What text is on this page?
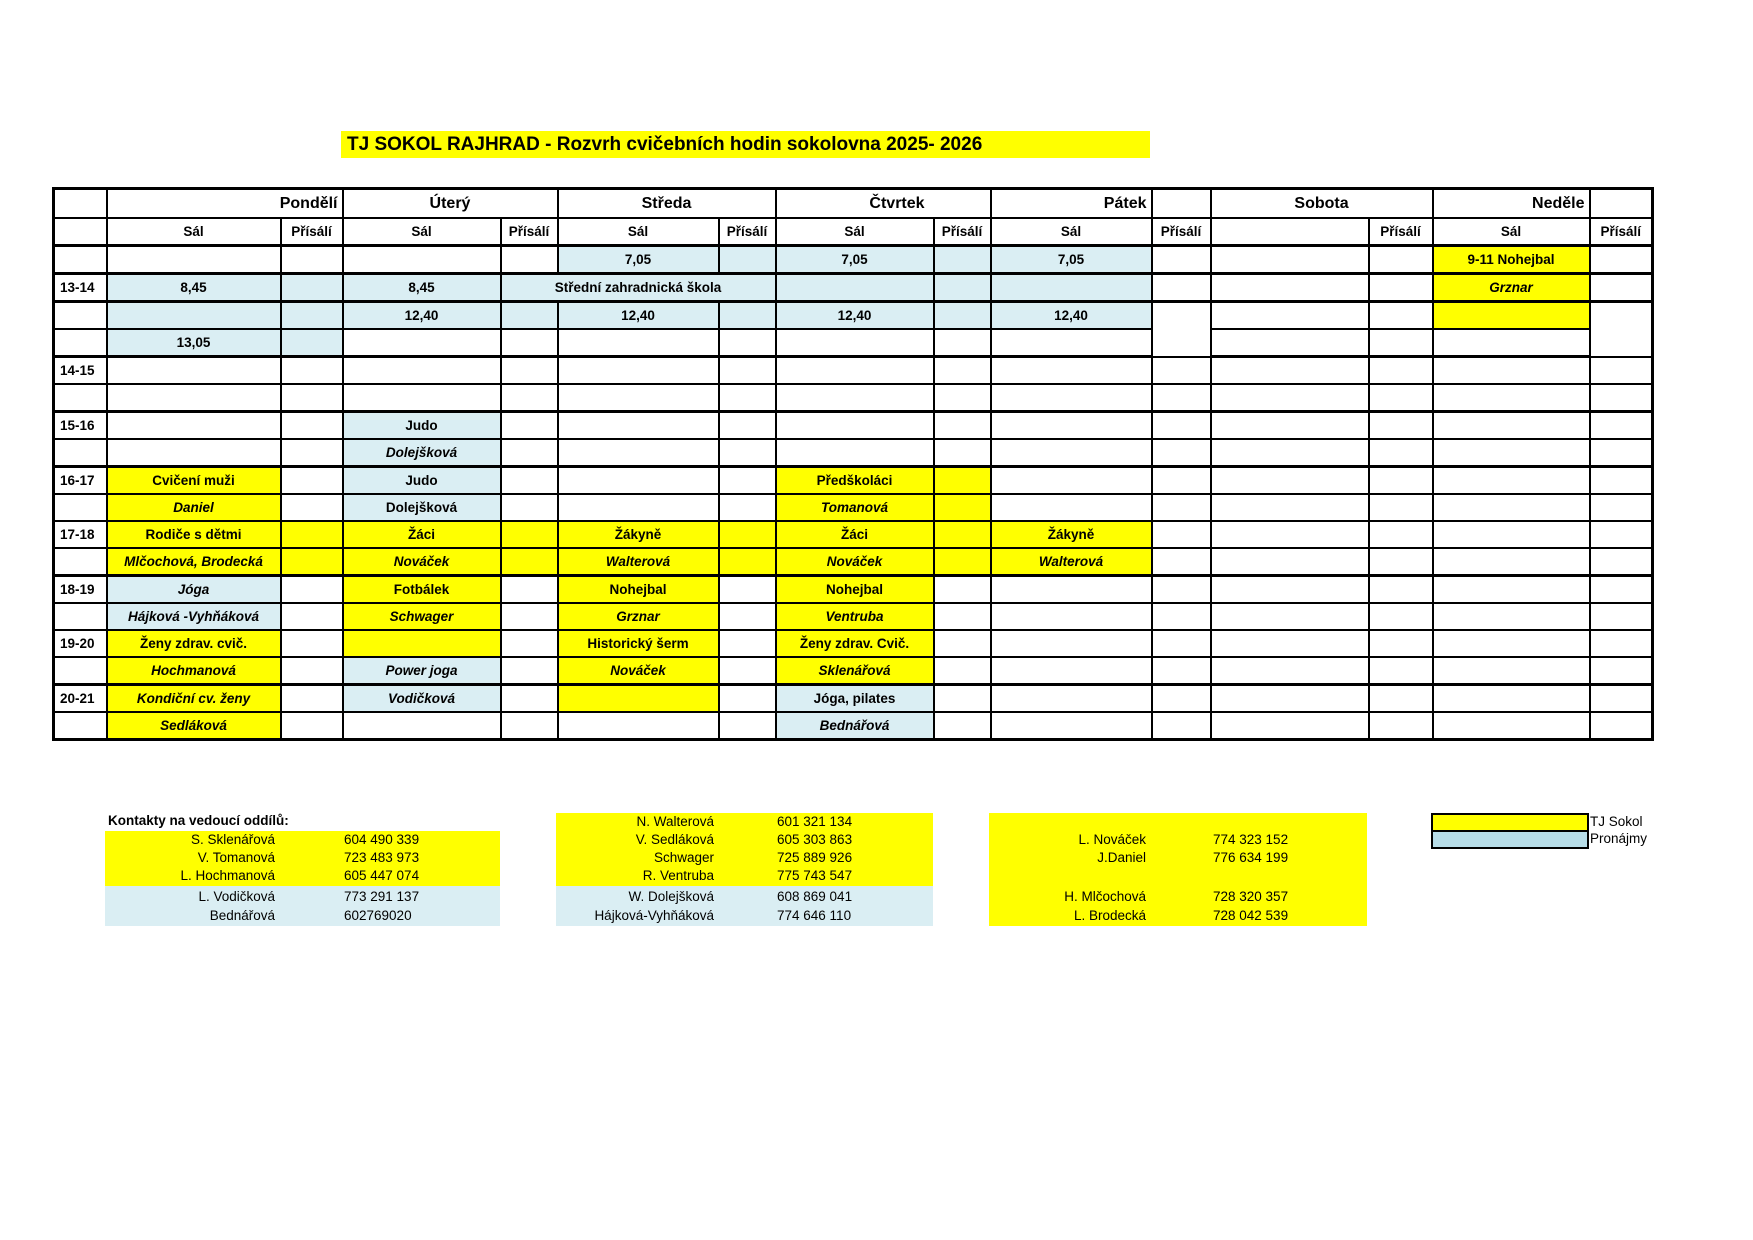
TJ SOKOL RAJHRAD - Rozvrh cvičebních hodin sokolovna 2025- 2026
	Pondělí		Úterý		Středa		Čtvrtek		Pátek		Sobota		Neděle	
	Sál	Přísálí	Sál	Přísálí	Sál	Přísálí	Sál	Přísálí	Sál	Přísálí		Přísálí	Sál	Přísálí
					7,05		7,05		7,05				9-11 Nohejbal	
13-14	8,45		8,45	Střední zahradnická škola									Grznar	
			12,40		12,40		12,40		12,40					
	13,05													
14-15														

15-16			Judo											
			Dolejšková											
16-17	Cvičení muži		Judo				Předškoláci							
	Daniel		Dolejšková				Tomanová							
17-18	Rodiče s dětmi		Žáci		Žákyně		Žáci		Žákyně					
	Mlčochová, Brodecká		Nováček		Walterová		Nováček		Walterová					
18-19	Jóga		Fotbálek		Nohejbal		Nohejbal							
	Hájková -Vyhňáková		Schwager		Grznar		Ventruba							
19-20	Ženy zdrav. cvič.				Historický šerm		Ženy zdrav. Cvič.							
	Hochmanová		Power joga		Nováček		Sklenářová							
20-21	Kondiční cv. ženy		Vodičková				Jóga, pilates							
	Sedláková						Bednářová							
Kontakty na vedoucí oddílů:
S. Sklenářová	604 490 339
V. Tomanová	723 483 973
L. Hochmanová	605 447 074
L. Vodičková	773 291 137
Bednářová	602769020
N. Walterová	601 321 134
V. Sedláková	605 303 863
Schwager	725 889 926
R. Ventruba	775 743 547
W. Dolejšková	608 869 041
Hájková-Vyhňáková	774 646 110
L. Nováček	774 323 152
J.Daniel	776 634 199
H. Mlčochová	728 320 357
L. Brodecká	728 042 539
TJ Sokol
Pronájmy
